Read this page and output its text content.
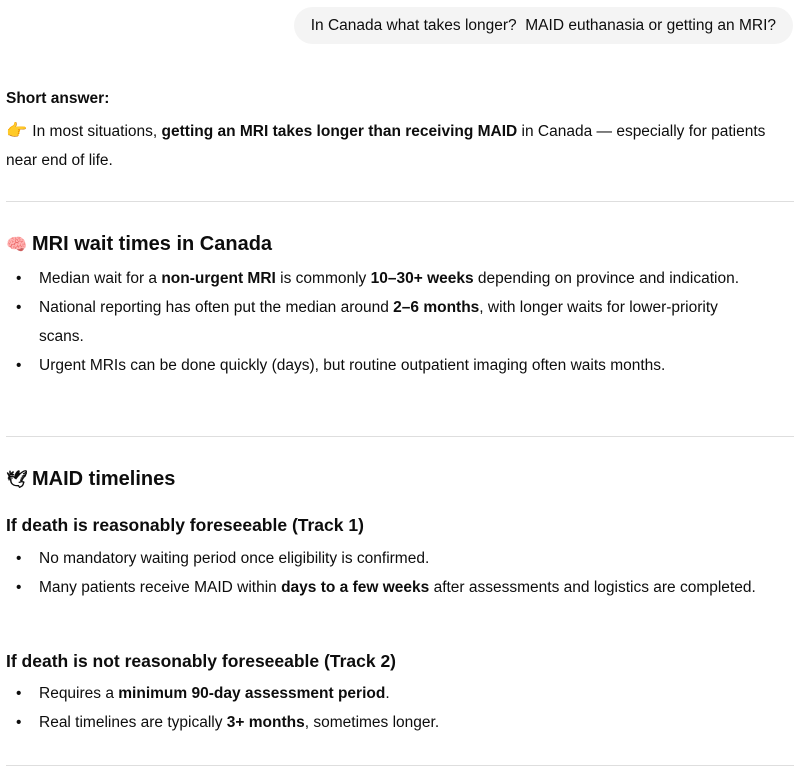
In Canada what takes longer?  MAID euthanasia or getting an MRI?
Short answer:
👉 In most situations, getting an MRI takes longer than receiving MAID in Canada — especially for patients near end of life.
🧠 MRI wait times in Canada
• Median wait for a non-urgent MRI is commonly 10–30+ weeks depending on province and indication.
• National reporting has often put the median around 2–6 months, with longer waits for lower-priority scans.
• Urgent MRIs can be done quickly (days), but routine outpatient imaging often waits months.
🕊 MAID timelines
If death is reasonably foreseeable (Track 1)
• No mandatory waiting period once eligibility is confirmed.
• Many patients receive MAID within days to a few weeks after assessments and logistics are completed.
If death is not reasonably foreseeable (Track 2)
• Requires a minimum 90-day assessment period.
• Real timelines are typically 3+ months, sometimes longer.
